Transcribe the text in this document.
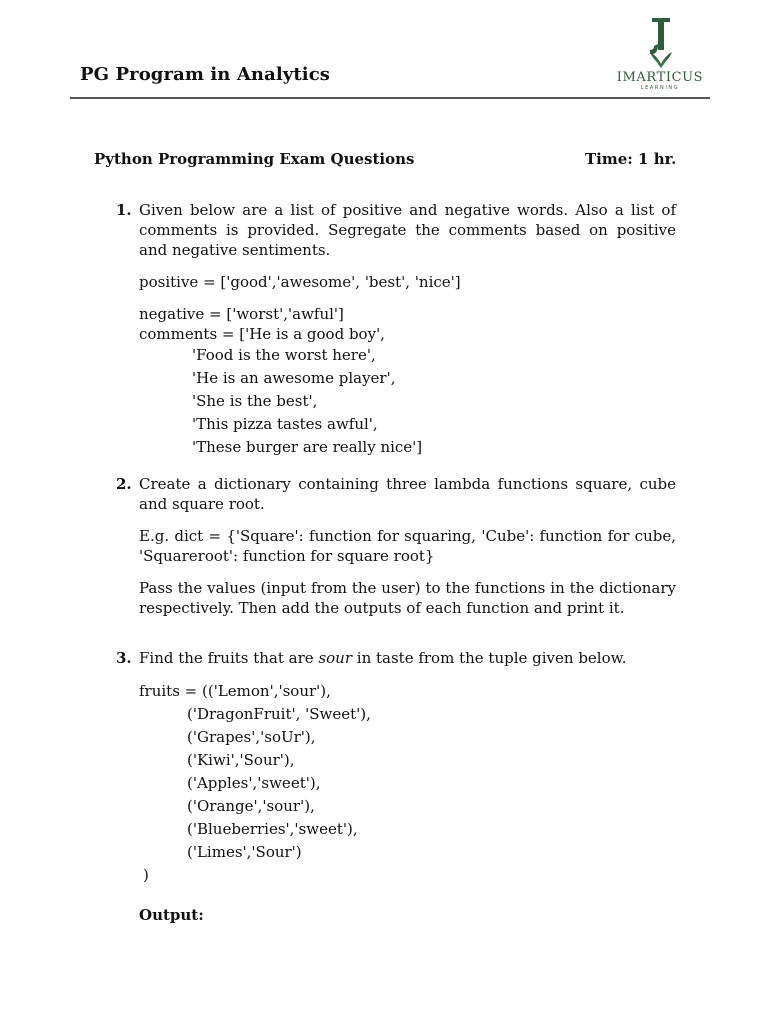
PG Program in Analytics	IMARTICUS
LEARNING
Python Programming Exam Questions	Time: 1 hr.
1. Given below are a list of positive and negative words. Also a list of comments is provided. Segregate the comments based on positive and negative sentiments.
positive = ['good','awesome', 'best', 'nice']
negative = ['worst','awful']
comments = ['He is a good boy',
'Food is the worst here',
'He is an awesome player',
'She is the best',
'This pizza tastes awful',
'These burger are really nice']
2. Create a dictionary containing three lambda functions square, cube and square root.
E.g. dict = {'Square': function for squaring, 'Cube': function for cube, 'Squareroot': function for square root}
Pass the values (input from the user) to the functions in the dictionary respectively. Then add the outputs of each function and print it.
3. Find the fruits that are sour in taste from the tuple given below.
fruits = (('Lemon','sour'),
('DragonFruit', 'Sweet'),
('Grapes','soUr'),
('Kiwi','Sour'),
('Apples','sweet'),
('Orange','sour'),
('Blueberries','sweet'),
('Limes','Sour')
)
Output:
